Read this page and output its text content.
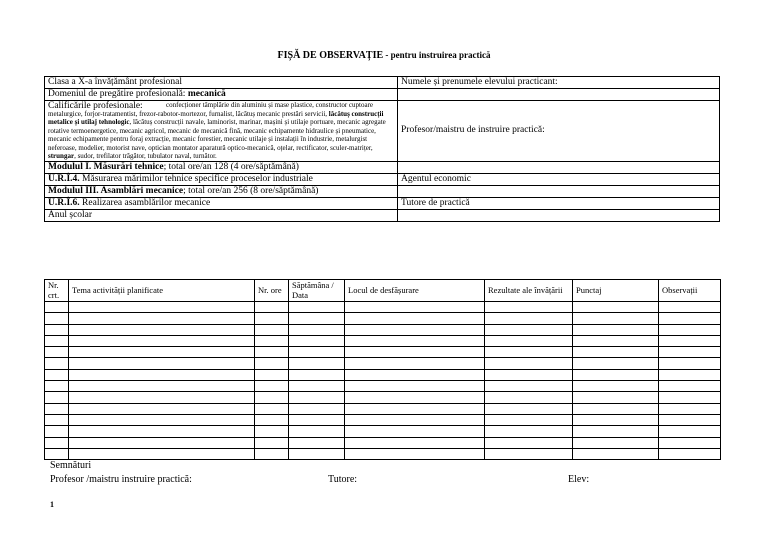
FIȘĂ DE OBSERVAȚIE - pentru instruirea practică
Clasa a X-a învățământ profesional	Numele și prenumele elevului practicant:
Domeniul de pregătire profesională: mecanică	

Calificările profesionale: confecționer tâmplărie din aluminiu și mase plastice, constructor cuptoare metalurgice, forjor-tratamentist, frezor-rabotor-mortezor, furnalist, lăcătuș mecanic prestări servicii, lăcătuș construcții metalice și utilaj tehnologic, lăcătuș construcții navale, laminorist, marinar, mașini și utilaje portuare, mecanic agregate rotative termoenergetice, mecanic agricol, mecanic de mecanică fină, mecanic echipamente hidraulice și pneumatice, mecanic echipamente pentru foraj extracție, mecanic forestier, mecanic utilaje și instalații în industrie, metalurgist neferoase, modelier, motorist nave, optician montator aparatură optico-mecanică, oțelar, rectificator, sculer-matrițer, strungar, sudor, trefilator trăgător, tubulator naval, turnător.	Profesor/maistru de instruire practică:
Modulul I. Măsurări tehnice; total ore/an 128 (4 ore/săptămână)	
U.R.Î.4. Măsurarea mărimilor tehnice specifice proceselor industriale	Agentul economic
Modulul III. Asamblări mecanice; total ore/an 256 (8 ore/săptămână)	
U.R.Î.6. Realizarea asamblărilor mecanice	Tutore de practică
Anul școlar	
Nr. crt.	Tema activității planificate	Nr. ore	Săptămâna / Data	Locul de desfășurare	Rezultate ale învățării	Punctaj	Observații

Semnături
Profesor /maistru instruire practică:	Tutore:	Elev:
1
